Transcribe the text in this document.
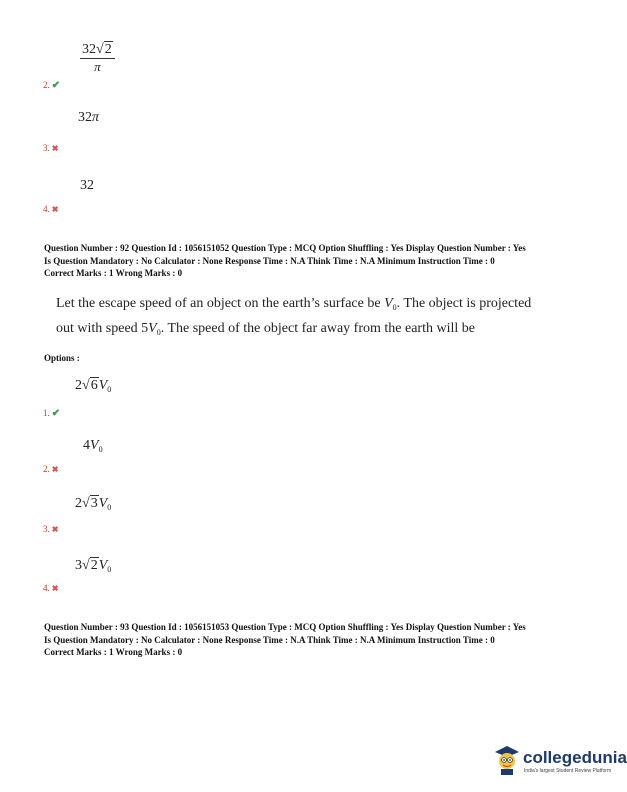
$\frac{32√2}{\pi}$
2. ✔
32π
3. ✖
32
4. ✖
Question Number : 92 Question Id : 1056151052 Question Type : MCQ Option Shuffling : Yes Display Question Number : Yes
Is Question Mandatory : No Calculator : None Response Time : N.A Think Time : N.A Minimum Instruction Time : 0
Correct Marks : 1 Wrong Marks : 0
Let the escape speed of an object on the earth’s surface be $V_0$. The object is projected
out with speed $5V_0$. The speed of the object far away from the earth will be
Options :
$2√6V_0$
1. ✔
$4V_0$
2. ✖
$2√3V_0$
3. ✖
$3√2V_0$
4. ✖
Question Number : 93 Question Id : 1056151053 Question Type : MCQ Option Shuffling : Yes Display Question Number : Yes
Is Question Mandatory : No Calculator : None Response Time : N.A Think Time : N.A Minimum Instruction Time : 0
Correct Marks : 1 Wrong Marks : 0
collegedunia
India's largest Student Review Platform
